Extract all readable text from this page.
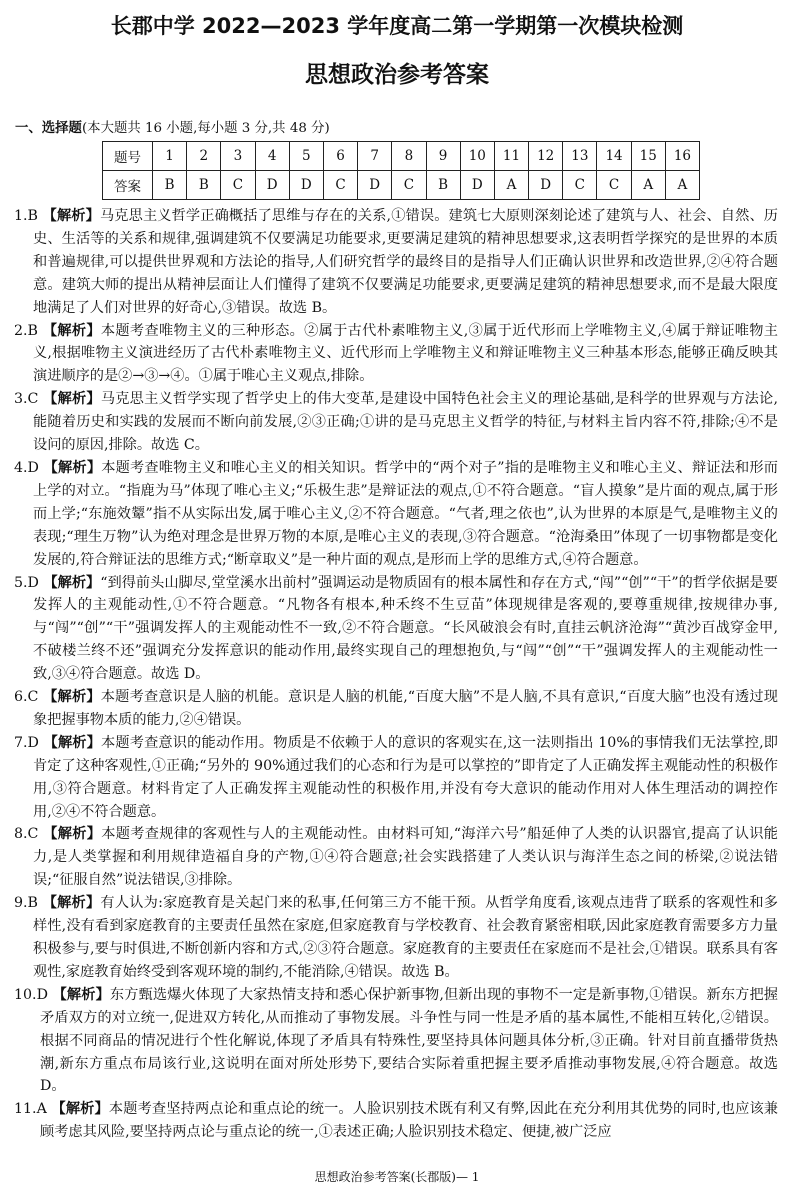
长郡中学 2022—2023 学年度高二第一学期第一次模块检测
思想政治参考答案
一、选择题(本大题共 16 小题,每小题 3 分,共 48 分)
题号	1	2	3	4	5	6	7	8	9	10	11	12	13	14	15	16
答案	B	B	C	D	D	C	D	C	B	D	A	D	C	C	A	A

1.B 【解析】马克思主义哲学正确概括了思维与存在的关系,①错误。建筑七大原则深刻论述了建筑与人、社会、自然、历史、生活等的关系和规律,强调建筑不仅要满足功能要求,更要满足建筑的精神思想要求,这表明哲学探究的是世界的本质和普遍规律,可以提供世界观和方法论的指导,人们研究哲学的最终目的是指导人们正确认识世界和改造世界,②④符合题意。建筑大师的提出从精神层面让人们懂得了建筑不仅要满足功能要求,更要满足建筑的精神思想要求,而不是最大限度地满足了人们对世界的好奇心,③错误。故选 B。

2.B 【解析】本题考查唯物主义的三种形态。②属于古代朴素唯物主义,③属于近代形而上学唯物主义,④属于辩证唯物主义,根据唯物主义演进经历了古代朴素唯物主义、近代形而上学唯物主义和辩证唯物主义三种基本形态,能够正确反映其演进顺序的是②→③→④。①属于唯心主义观点,排除。

3.C 【解析】马克思主义哲学实现了哲学史上的伟大变革,是建设中国特色社会主义的理论基础,是科学的世界观与方法论,能随着历史和实践的发展而不断向前发展,②③正确;①讲的是马克思主义哲学的特征,与材料主旨内容不符,排除;④不是设问的原因,排除。故选 C。

4.D 【解析】本题考查唯物主义和唯心主义的相关知识。哲学中的“两个对子”指的是唯物主义和唯心主义、辩证法和形而上学的对立。“指鹿为马”体现了唯心主义;“乐极生悲”是辩证法的观点,①不符合题意。“盲人摸象”是片面的观点,属于形而上学;“东施效颦”指不从实际出发,属于唯心主义,②不符合题意。“气者,理之依也”,认为世界的本原是气,是唯物主义的表现;“理生万物”认为绝对理念是世界万物的本原,是唯心主义的表现,③符合题意。“沧海桑田”体现了一切事物都是变化发展的,符合辩证法的思维方式;“断章取义”是一种片面的观点,是形而上学的思维方式,④符合题意。

5.D 【解析】“到得前头山脚尽,堂堂溪水出前村”强调运动是物质固有的根本属性和存在方式,“闯”“创”“干”的哲学依据是要发挥人的主观能动性,①不符合题意。“凡物各有根本,种禾终不生豆苗”体现规律是客观的,要尊重规律,按规律办事,与“闯”“创”“干”强调发挥人的主观能动性不一致,②不符合题意。“长风破浪会有时,直挂云帆济沧海”“黄沙百战穿金甲,不破楼兰终不还”强调充分发挥意识的能动作用,最终实现自己的理想抱负,与“闯”“创”“干”强调发挥人的主观能动性一致,③④符合题意。故选 D。

6.C 【解析】本题考查意识是人脑的机能。意识是人脑的机能,“百度大脑”不是人脑,不具有意识,“百度大脑”也没有透过现象把握事物本质的能力,②④错误。

7.D 【解析】本题考查意识的能动作用。物质是不依赖于人的意识的客观实在,这一法则指出 10%的事情我们无法掌控,即肯定了这种客观性,①正确;“另外的 90%通过我们的心态和行为是可以掌控的”即肯定了人正确发挥主观能动性的积极作用,③符合题意。材料肯定了人正确发挥主观能动性的积极作用,并没有夸大意识的能动作用对人体生理活动的调控作用,②④不符合题意。

8.C 【解析】本题考查规律的客观性与人的主观能动性。由材料可知,“海洋六号”船延伸了人类的认识器官,提高了认识能力,是人类掌握和利用规律造福自身的产物,①④符合题意;社会实践搭建了人类认识与海洋生态之间的桥梁,②说法错误;“征服自然”说法错误,③排除。

9.B 【解析】有人认为:家庭教育是关起门来的私事,任何第三方不能干预。从哲学角度看,该观点违背了联系的客观性和多样性,没有看到家庭教育的主要责任虽然在家庭,但家庭教育与学校教育、社会教育紧密相联,因此家庭教育需要多方力量积极参与,要与时俱进,不断创新内容和方式,②③符合题意。家庭教育的主要责任在家庭而不是社会,①错误。联系具有客观性,家庭教育始终受到客观环境的制约,不能消除,④错误。故选 B。

10.D 【解析】东方甄选爆火体现了大家热情支持和悉心保护新事物,但新出现的事物不一定是新事物,①错误。新东方把握矛盾双方的对立统一,促进双方转化,从而推动了事物发展。斗争性与同一性是矛盾的基本属性,不能相互转化,②错误。根据不同商品的情况进行个性化解说,体现了矛盾具有特殊性,要坚持具体问题具体分析,③正确。针对目前直播带货热潮,新东方重点布局该行业,这说明在面对所处形势下,要结合实际着重把握主要矛盾推动事物发展,④符合题意。故选 D。

11.A 【解析】本题考查坚持两点论和重点论的统一。人脸识别技术既有利又有弊,因此在充分利用其优势的同时,也应该兼顾考虑其风险,要坚持两点论与重点论的统一,①表述正确;人脸识别技术稳定、便捷,被广泛应

思想政治参考答案(长郡版)— 1
